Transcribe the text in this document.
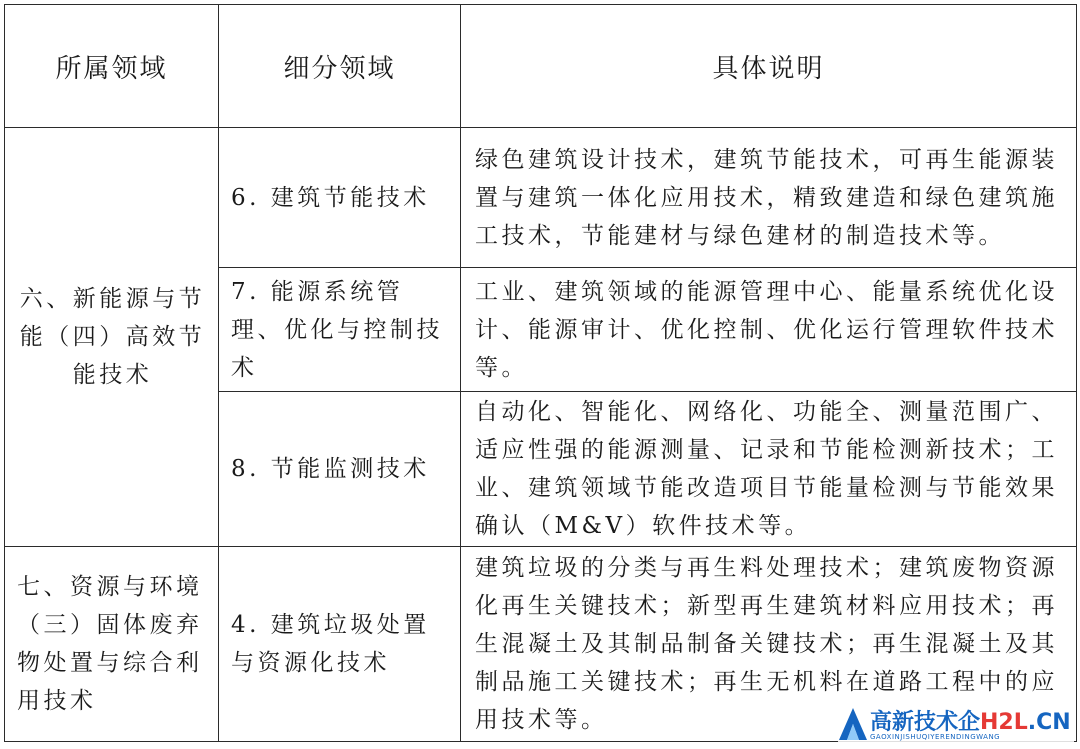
所属领域	细分领域	具体说明
六、新能源与节能（四）高效节能技术	6. 建筑节能技术	绿色建筑设计技术，建筑节能技术，可再生能源装置与建筑一体化应用技术，精致建造和绿色建筑施工技术，节能建材与绿色建材的制造技术等。
	7. 能源系统管理、优化与控制技术	工业、建筑领域的能源管理中心、能量系统优化设计、能源审计、优化控制、优化运行管理软件技术等。
	8. 节能监测技术	自动化、智能化、网络化、功能全、测量范围广、适应性强的能源测量、记录和节能检测新技术；工业、建筑领域节能改造项目节能量检测与节能效果确认（M&V）软件技术等。
七、资源与环境（三）固体废弃物处置与综合利用技术	4. 建筑垃圾处置与资源化技术	建筑垃圾的分类与再生料处理技术；建筑废物资源化再生关键技术；新型再生建筑材料应用技术；再生混凝土及其制品制备关键技术；再生混凝土及其制品施工关键技术；再生无机料在道路工程中的应用技术等。	高新技术企H2L.CN
GAOXINJISHUQIYERENDINGWANG
